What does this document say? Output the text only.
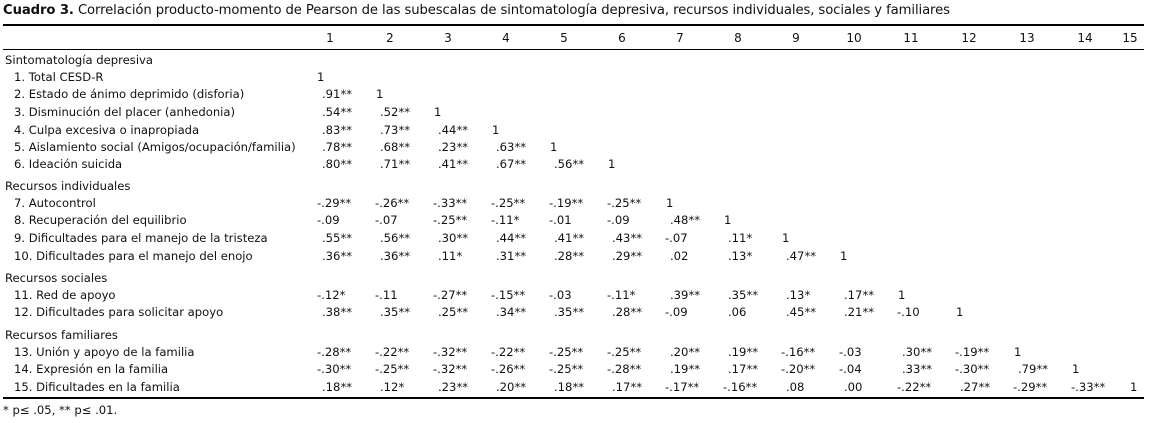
Cuadro 3. Correlación producto-momento de Pearson de las subescalas de sintomatología depresiva, recursos individuales, sociales y familiares
* p≤ .05, ** p≤ .01.
1	2	3	4	5	6	7	8	9	10	11	12	13	14	15
Sintomatología depresiva
1. Total CESD-R	1
2. Estado de ánimo deprimido (disforia)	.91** 1
3. Disminución del placer (anhedonia)	.54** .52** 1
4. Culpa excesiva o inapropiada	.83** .73** .44** 1
5. Aislamiento social (Amigos/ocupación/familia) .78** .68** .23** .63** 1
6. Ideación suicida	.80** .71** .41** .67** .56** 1
Recursos individuales
7. Autocontrol	-.29** -.26** -.33** -.25** -.19** -.25** 1
8. Recuperación del equilibrio	-.09	-.07	-.25** -.11*	-.01	-.09	.48** 1
9. Dificultades para el manejo de la tristeza	.55** .56** .30** .44** .41** .43** -.07	.11*	1
10. Dificultades para el manejo del enojo	.36** .36** .11*	.31** .28** .29** .02	.13*	.47** 1
Recursos sociales
11. Red de apoyo	-.12*	-.11	-.27** -.15** -.03	-.11*	.39** .35** .13*	.17** 1
12. Dificultades para solicitar apoyo	.38** .35** .25** .34** .35** .28** -.09	.06	.45** .21** -.10	1
Recursos familiares
13. Unión y apoyo de la familia	-.28** -.22** -.32** -.22** -.25** -.25** .20** .19** -.16** -.03	.30** -.19** 1
14. Expresión en la familia	-.30** -.25** -.32** -.26** -.25** -.28** .19** .17** -.20** -.04	.33** -.30** .79** 1
15. Dificultades en la familia	.18** .12*	.23** .20** .18** .17** -.17** -.16** .08	.00	-.22** .27** -.29** -.33** 1
